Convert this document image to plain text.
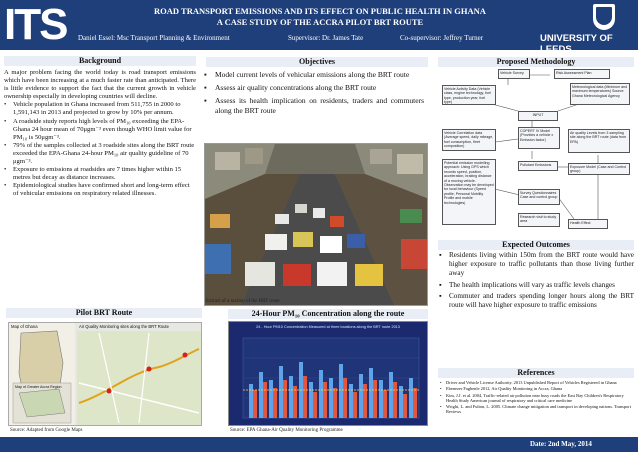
ITS	ROAD TRANSPORT EMISSIONS AND ITS EFFECT ON PUBLIC HEALTH IN GHANA
A CASE STUDY OF THE ACCRA PILOT BRT ROUTE
Daniel Essel: Msc Transport Planning & Environment	Supervisor: Dr. James Tate	Co-supervisor: Jeffrey Turner	UNIVERSITY OF LEEDS
Background

A major problem facing the world today is road transport emissions which have been increasing at a much faster rate than anticipated. There is little evidence to support the fact that the current growth in vehicle ownership especially in developing countries will decline.

• Vehicle population in Ghana increased from 511,755 in 2000 to 1,591,143 in 2013 and projected to grow by 10% per annum.
• A roadside study reports high levels of PM₁₀ exceeding the EPA- Ghana 24 hour mean of 70μgm⁻³ even though WHO limit value for PM₁₀ is 50μgm⁻³.
• 79% of the samples collected at 3 roadside sites along the BRT route exceeded the EPA-Ghana 24-hour PM₁₀ air quality guideline of 70 μgm⁻³.
• Exposure to emissions at roadsides are 7 times higher within 15 metres but decay as distance increases.
• Epidemiological studies have confirmed short and long-term effect of vehicular emissions on respiratory related illnesses.
Objectives
▪ Model current levels of vehicular emissions along the BRT route
▪ Assess air quality concentrations along the BRT route
▪ Assess its health implication on residents, traders and commuters along the BRT route
Extract of a section of the BRT route
Pilot BRT Route
Map of Ghana	Air Quality Monitoring sites along the BRT Route
Map of Greater Accra Region
Source: Adapted from Google Maps
24-Hour PM₁₀ Concentration along the route
24 - Hour PM10 Concentration Measured at three locations along the BRT route 2013
Source: EPA Ghana-Air Quality Monitoring Programme
Proposed Methodology
Vehicle Survey	Risk Assessment Plan
Vehicle Activity Data (Vehicle class, engine technology, fuel type, production year, fuel type)
Meteorological data (Minimum and maximum temperatures) Source: Ghana Meteorological Agency
INPUT
Vehicle Correlation data (Average speed, daily mileage, fuel consumption, fleet composition)
COPERT IV Model (Provides a vehicle x Emission factor)
Air quality Levels from 3 sampling site along the BRT route (data from EPA)
Pollutant Emissions	Exposure Model (Case and Control group)
Potential emission modelling approach: Using GPS which records speed, position, acceleration, braking distance of a moving vehicle. Observation may be developed for local behaviour (Speed profile, Personal Mobility Profile and mobile technologies)
Survey Questionnaires Case and control group
Health Effect
Research visit to study area
Expected Outcomes
▪ Residents living within 150m from the BRT route would have higher exposure to traffic pollutants than those living further away
▪ The health implications will vary as traffic levels changes
▪ Commuter and traders spending longer hours along the BRT route will have higher exposure to traffic emissions
References
• Driver and Vehicle License Authority. 2013 Unpublished Report of Vehicles Registered in Ghana
• Ebenezer Fagbenle 2012, Air Quality Monitoring in Accra, Ghana
• Kim, J.J. et al. 2004, Traffic-related air pollution near busy roads the East Bay Children's Respiratory Health Study American journal of respiratory and critical care medicine
• Wright, L. and Fulton, L. 2005. Climate change mitigation and transport in developing nations. Transport Reviews
Date: 2nd May, 2014
